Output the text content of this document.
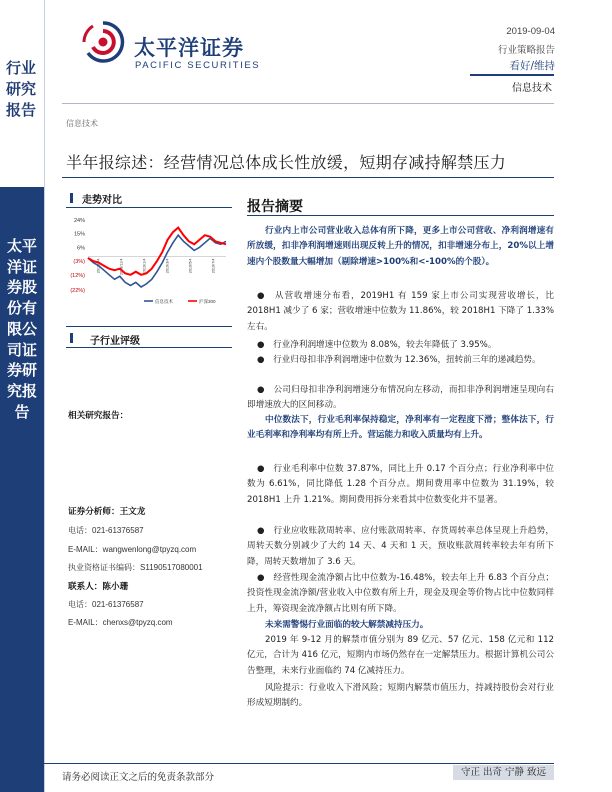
行业研究报告
太平洋证券股份有限公司证券研究报告
太平洋证券
PACIFIC SECURITIES
2019-09-04
行业策略报告
看好/维持
信息技术
信息技术
半年报综述：经营情况总体成长性放缓，短期存减持解禁压力
走势对比
24%
15%
6%
(3%)
(12%)
(22%)
2018/9/4	2018/11/4	2019/1/4	2019/3/4	2019/5/4	2019/7/4
信息技术	沪深300
子行业评级
相关研究报告：
证券分析师：王文龙
电话：021-61376587
E-MAIL：wangwenlong@tpyzq.com
执业资格证书编码：S1190517080001
联系人：陈小珊
电话：021-61376587
E-MAIL：chenxs@tpyzq.com
报告摘要
行业内上市公司营业收入总体有所下降，更多上市公司营收、净利润增速有所放缓，扣非净利润增速则出现反转上升的情况，扣非增速分布上，20%以上增速内个股数量大幅增加（剔除增速>100%和<-100%的个股）。
●　从营收增速分布看，2019H1 有 159 家上市公司实现营收增长，比 2018H1 减少了 6 家；营收增速中位数为 11.86%，较 2018H1 下降了 1.33%左右。
●　行业净利润增速中位数为 8.08%，较去年降低了 3.95%。
●　行业归母扣非净利润增速中位数为 12.36%，扭转前三年的递减趋势。
●　公司归母扣非净利润增速分布情况向左移动，而扣非净利润增速呈现向右即增速放大的区间移动。
中位数法下，行业毛利率保持稳定，净利率有一定程度下滑；整体法下，行业毛利率和净利率均有所上升。营运能力和收入质量均有上升。
●　行业毛利率中位数 37.87%，同比上升 0.17 个百分点；行业净利率中位数为 6.61%，同比降低 1.28 个百分点。期间费用率中位数为 31.19%，较 2018H1 上升 1.21%。期间费用拆分来看其中位数变化并不显著。
●　行业应收账款周转率、应付账款周转率、存货周转率总体呈现上升趋势，周转天数分别减少了大约 14 天、4 天和 1 天，预收账款周转率较去年有所下降，周转天数增加了 3.6 天。
●　经营性现金流净额占比中位数为-16.48%，较去年上升 6.83 个百分点；投资性现金流净额/营业收入中位数有所上升，现金及现金等价物占比中位数同样上升，筹资现金流净额占比则有所下降。
未来需警惕行业面临的较大解禁减持压力。
2019 年 9-12 月的解禁市值分别为 89 亿元、57 亿元、158 亿元和 112 亿元，合计为 416 亿元，短期内市场仍然存在一定解禁压力。根据计算机公司公告整理，未来行业面临约 74 亿减持压力。
风险提示：行业收入下滑风险；短期内解禁市值压力，持减持股份会对行业形成短期制约。
请务必阅读正文之后的免责条款部分	守正 出奇 宁静 致远
